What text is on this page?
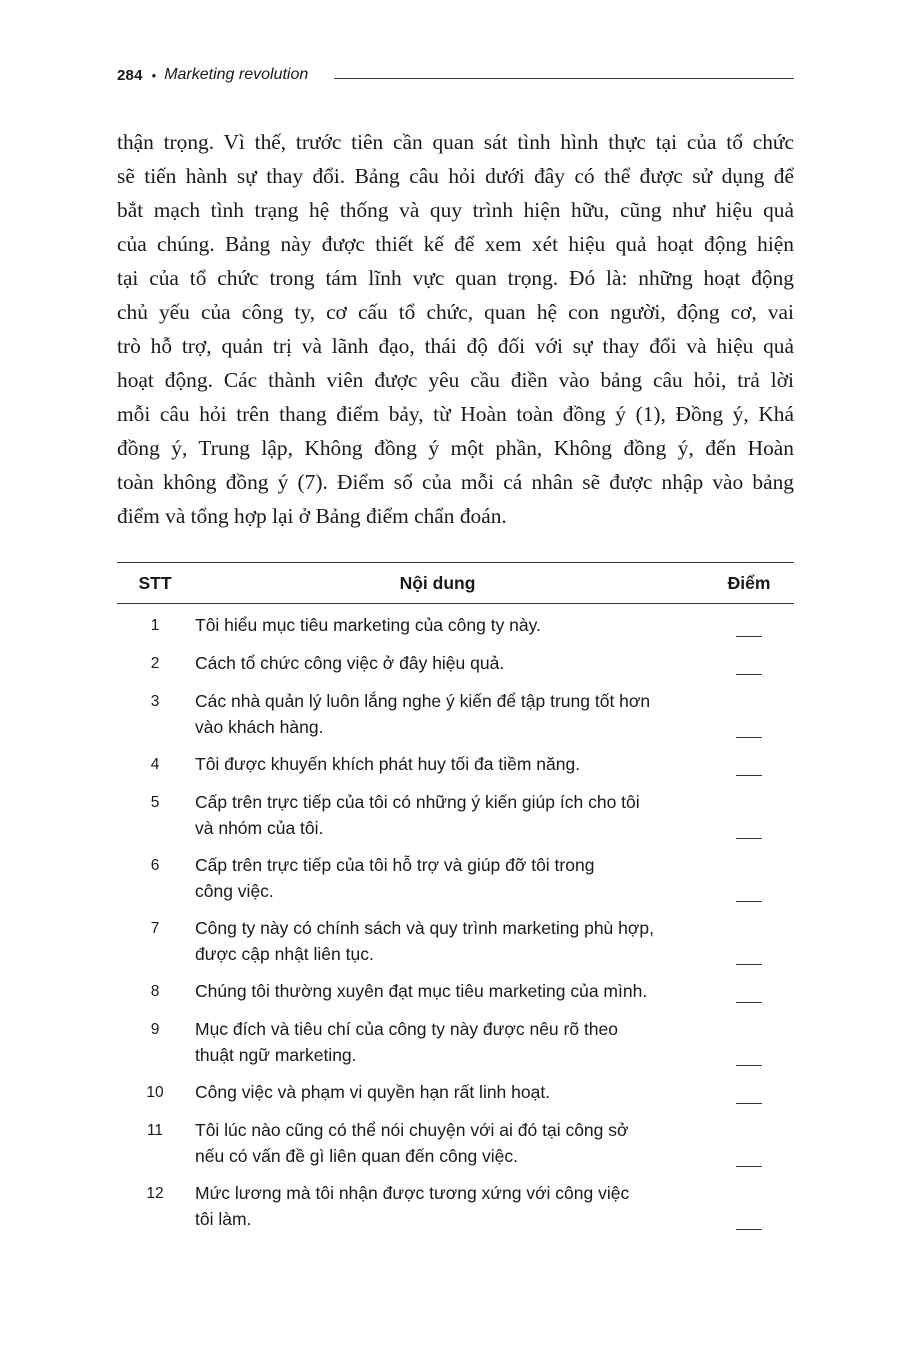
284 • Marketing revolution

thận trọng. Vì thế, trước tiên cần quan sát tình hình thực tại của tổ chức
sẽ tiến hành sự thay đổi. Bảng câu hỏi dưới đây có thể được sử dụng để
bắt mạch tình trạng hệ thống và quy trình hiện hữu, cũng như hiệu quả
của chúng. Bảng này được thiết kế để xem xét hiệu quả hoạt động hiện
tại của tổ chức trong tám lĩnh vực quan trọng. Đó là: những hoạt động
chủ yếu của công ty, cơ cấu tổ chức, quan hệ con người, động cơ, vai
trò hỗ trợ, quản trị và lãnh đạo, thái độ đối với sự thay đổi và hiệu quả
hoạt động. Các thành viên được yêu cầu điền vào bảng câu hỏi, trả lời
mỗi câu hỏi trên thang điểm bảy, từ Hoàn toàn đồng ý (1), Đồng ý, Khá
đồng ý, Trung lập, Không đồng ý một phần, Không đồng ý, đến Hoàn
toàn không đồng ý (7). Điểm số của mỗi cá nhân sẽ được nhập vào bảng
điểm và tổng hợp lại ở Bảng điểm chẩn đoán.

STT	Nội dung	Điểm
1	Tôi hiểu mục tiêu marketing của công ty này.
2	Cách tổ chức công việc ở đây hiệu quả.
3	Các nhà quản lý luôn lắng nghe ý kiến để tập trung tốt hơn
vào khách hàng.
4	Tôi được khuyến khích phát huy tối đa tiềm năng.
5	Cấp trên trực tiếp của tôi có những ý kiến giúp ích cho tôi
và nhóm của tôi.
6	Cấp trên trực tiếp của tôi hỗ trợ và giúp đỡ tôi trong
công việc.
7	Công ty này có chính sách và quy trình marketing phù hợp,
được cập nhật liên tục.
8	Chúng tôi thường xuyên đạt mục tiêu marketing của mình.
9	Mục đích và tiêu chí của công ty này được nêu rõ theo
thuật ngữ marketing.
10	Công việc và phạm vi quyền hạn rất linh hoạt.
11	Tôi lúc nào cũng có thể nói chuyện với ai đó tại công sở
nếu có vấn đề gì liên quan đến công việc.
12	Mức lương mà tôi nhận được tương xứng với công việc
tôi làm.
